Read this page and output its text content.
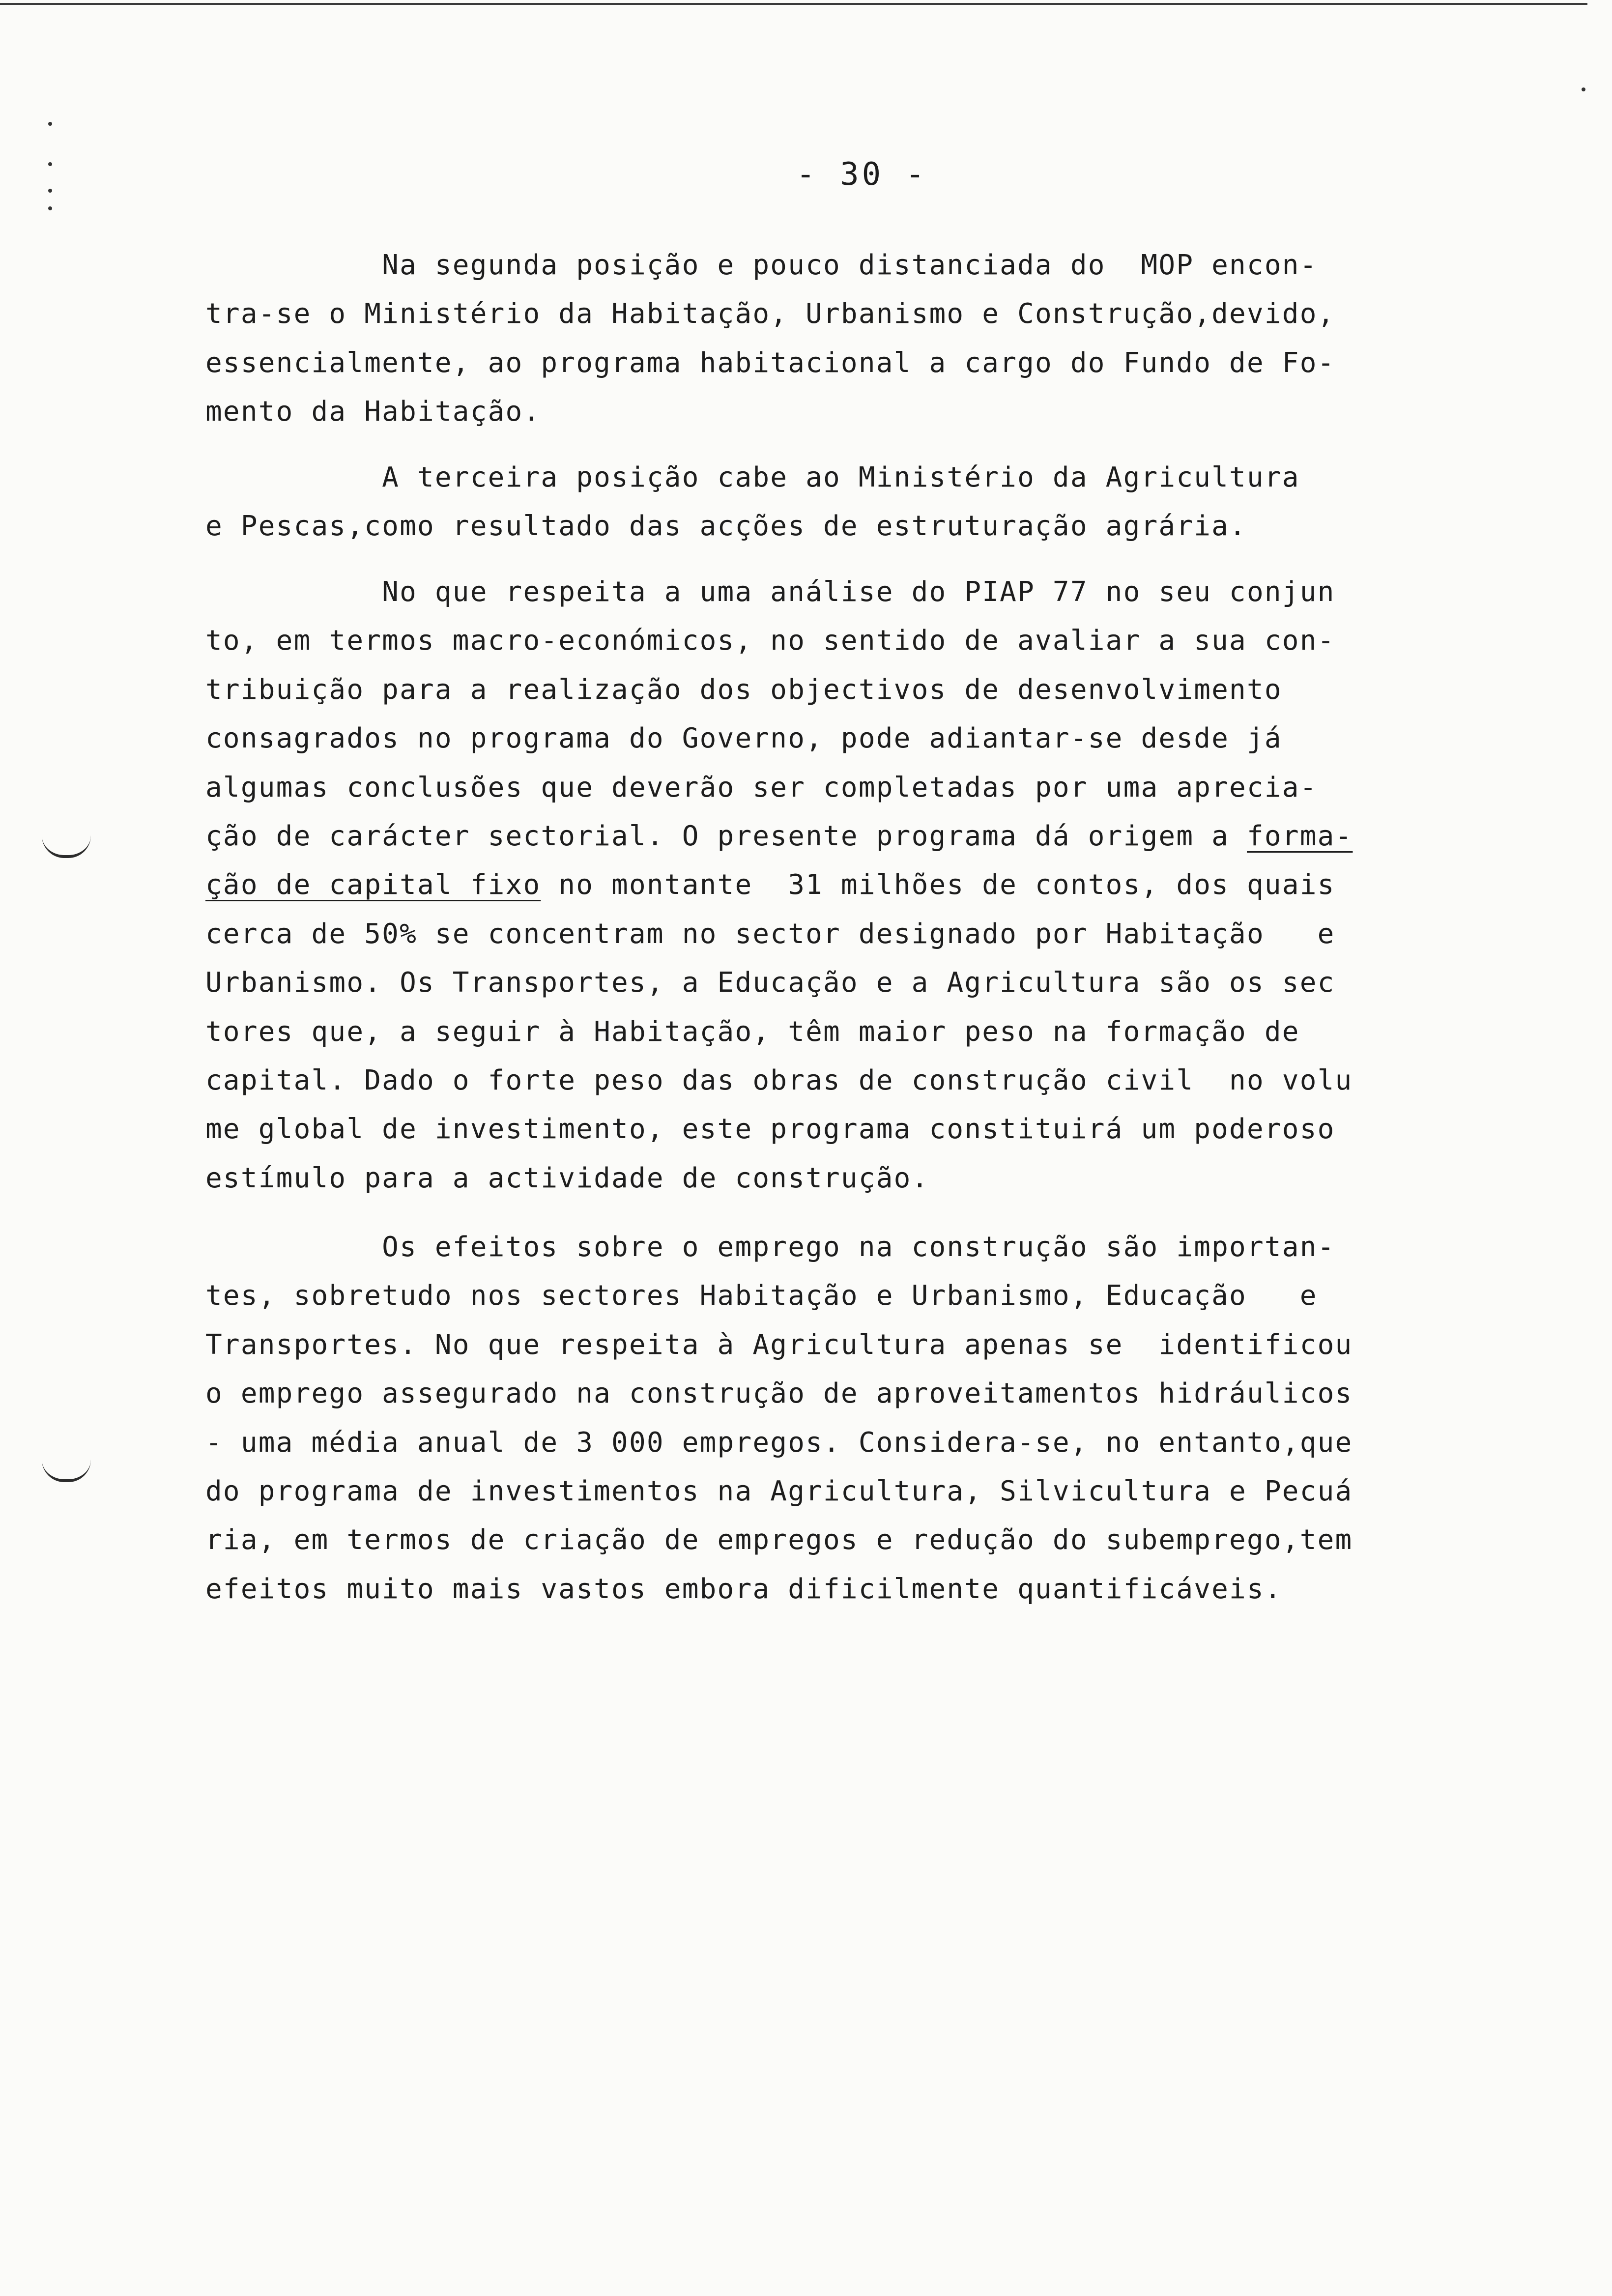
- 30 -
Na segunda posição e pouco distanciada do  MOP encon-
tra-se o Ministério da Habitação, Urbanismo e Construção,devido,
essencialmente, ao programa habitacional a cargo do Fundo de Fo-
mento da Habitação.
A terceira posição cabe ao Ministério da Agricultura
e Pescas,como resultado das acções de estruturação agrária.
No que respeita a uma análise do PIAP 77 no seu conjun
to, em termos macro-económicos, no sentido de avaliar a sua con-
tribuição para a realização dos objectivos de desenvolvimento
consagrados no programa do Governo, pode adiantar-se desde já
algumas conclusões que deverão ser completadas por uma aprecia-
ção de carácter sectorial. O presente programa dá origem a forma-
ção de capital fixo no montante  31 milhões de contos, dos quais
cerca de 50% se concentram no sector designado por Habitação   e
Urbanismo. Os Transportes, a Educação e a Agricultura são os sec
tores que, a seguir à Habitação, têm maior peso na formação de
capital. Dado o forte peso das obras de construção civil  no volu
me global de investimento, este programa constituirá um poderoso
estímulo para a actividade de construção.
Os efeitos sobre o emprego na construção são importan-
tes, sobretudo nos sectores Habitação e Urbanismo, Educação   e
Transportes. No que respeita à Agricultura apenas se  identificou
o emprego assegurado na construção de aproveitamentos hidráulicos
- uma média anual de 3 000 empregos. Considera-se, no entanto,que
do programa de investimentos na Agricultura, Silvicultura e Pecuá
ria, em termos de criação de empregos e redução do subemprego,tem
efeitos muito mais vastos embora dificilmente quantificáveis.
